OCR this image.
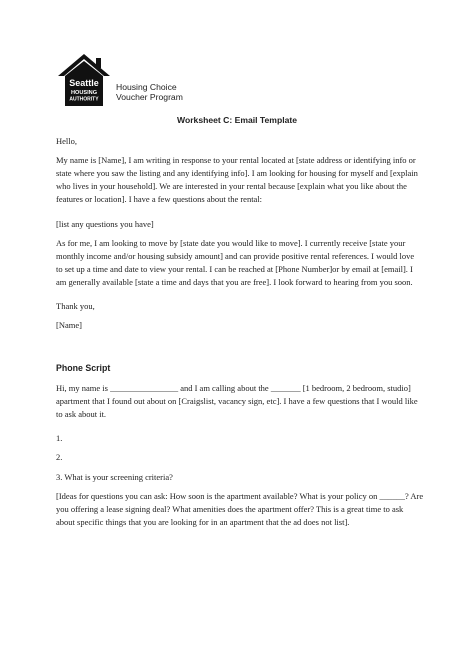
Seattle
HOUSING
AUTHORITY
Housing Choice
Voucher Program
Worksheet C: Email Template
Hello,
My name is [Name], I am writing in response to your rental located at [state address or identifying info or
state where you saw the listing and any identifying info]. I am looking for housing for myself and [explain
who lives in your household]. We are interested in your rental because [explain what you like about the
features or location]. I have a few questions about the rental:
[list any questions you have]
As for me, I am looking to move by [state date you would like to move]. I currently receive [state your
monthly income and/or housing subsidy amount] and can provide positive rental references. I would love
to set up a time and date to view your rental. I can be reached at [Phone Number]or by email at [email]. I
am generally available [state a time and days that you are free]. I look forward to hearing from you soon.
Thank you,
[Name]
Phone Script
Hi, my name is ________________ and I am calling about the _______ [1 bedroom, 2 bedroom, studio]
apartment that I found out about on [Craigslist, vacancy sign, etc]. I have a few questions that I would like
to ask about it.
1.
2.
3. What is your screening criteria?
[Ideas for questions you can ask: How soon is the apartment available? What is your policy on ______? Are
you offering a lease signing deal? What amenities does the apartment offer? This is a great time to ask
about specific things that you are looking for in an apartment that the ad does not list].
